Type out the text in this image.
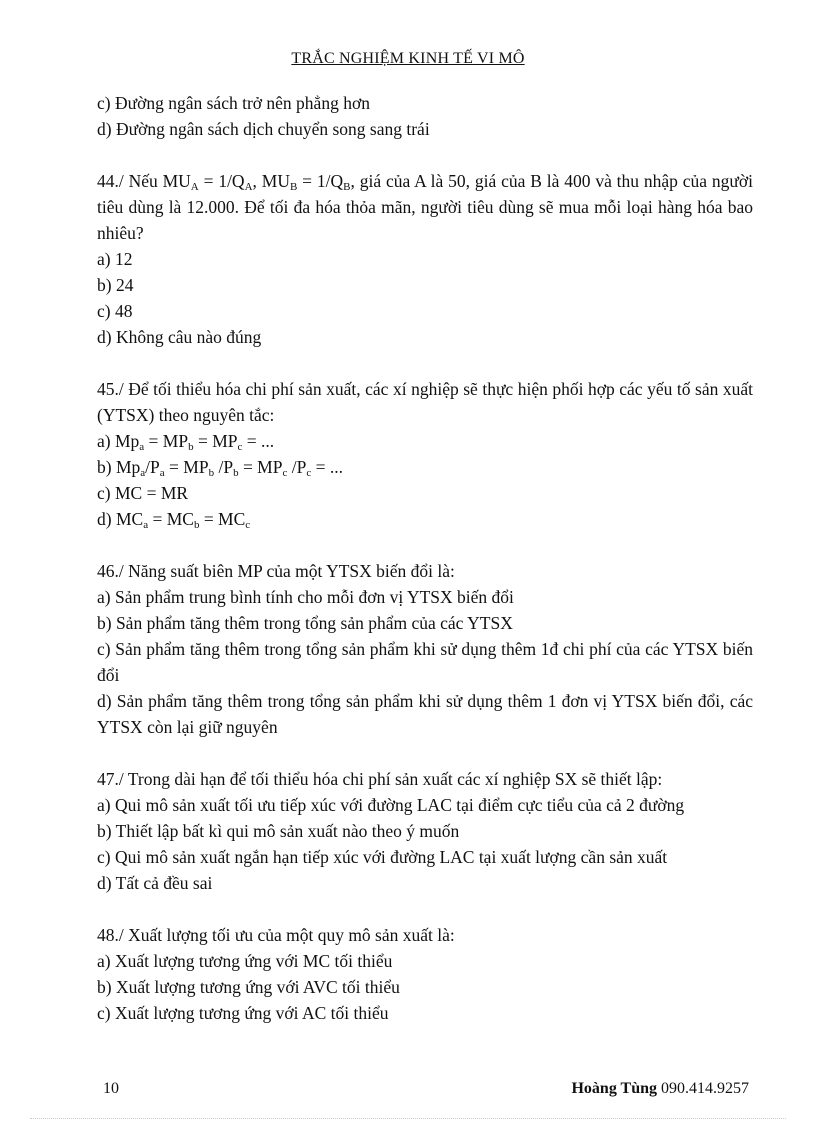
TRẮC NGHIỆM KINH TẾ VI MÔ

c) Đường ngân sách trở nên phẳng hơn

d) Đường ngân sách dịch chuyển song sang trái

44./ Nếu $MU_A = 1/Q_A$, $MU_B = 1/Q_B$, giá của A là 50, giá của B là 400 và thu nhập của người tiêu dùng là 12.000. Để tối đa hóa thỏa mãn, người tiêu dùng sẽ mua mỗi loại hàng hóa bao nhiêu?

a) 12

b) 24

c) 48

d) Không câu nào đúng

45./ Để tối thiểu hóa chi phí sản xuất, các xí nghiệp sẽ thực hiện phối hợp các yếu tố sản xuất (YTSX) theo nguyên tắc:

a) $Mp_a = MP_b = MP_c$ = ...

b) $Mp_a/P_a = MP_b$ $/P_b = MP_c$ $/P_c$ = ...

c) MC = MR

d) $MC_a = MC_b = MC_c$

46./ Năng suất biên MP của một YTSX biến đổi là:

a) Sản phẩm trung bình tính cho mỗi đơn vị YTSX biến đổi

b) Sản phẩm tăng thêm trong tổng sản phẩm của các YTSX

c) Sản phẩm tăng thêm trong tổng sản phẩm khi sử dụng thêm 1đ chi phí của các YTSX biến đổi

d) Sản phẩm tăng thêm trong tổng sản phẩm khi sử dụng thêm 1 đơn vị YTSX biến đổi, các YTSX còn lại giữ nguyên

47./ Trong dài hạn để tối thiểu hóa chi phí sản xuất các xí nghiệp SX sẽ thiết lập:

a) Qui mô sản xuất tối ưu tiếp xúc với đường LAC tại điểm cực tiểu của cả 2 đường

b) Thiết lập bất kì qui mô sản xuất nào theo ý muốn

c) Qui mô sản xuất ngắn hạn tiếp xúc với đường LAC tại xuất lượng cần sản xuất

d) Tất cả đều sai

48./ Xuất lượng tối ưu của một quy mô sản xuất là:

a) Xuất lượng tương ứng với MC tối thiểu

b) Xuất lượng tương ứng với AVC tối thiểu

c) Xuất lượng tương ứng với AC tối thiểu

10	Hoàng Tùng 090.414.9257
